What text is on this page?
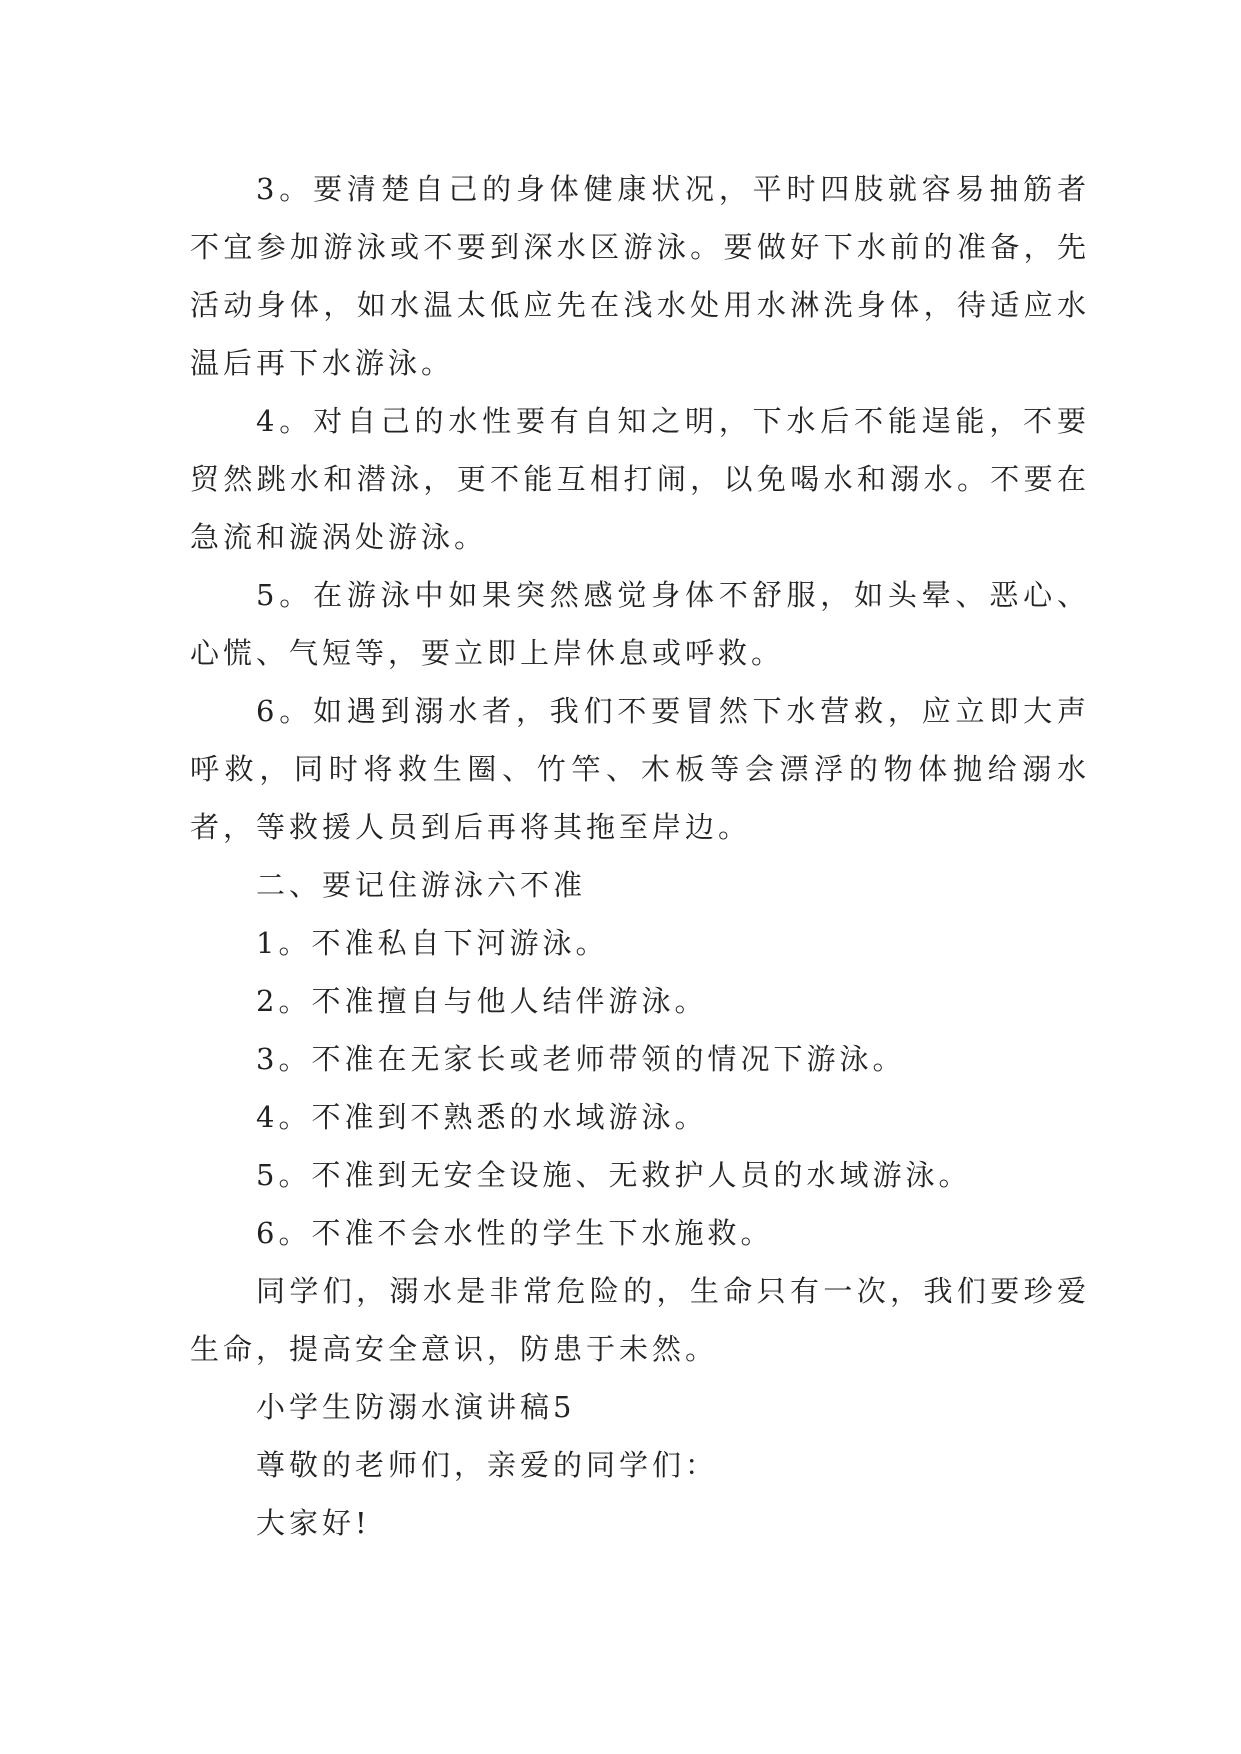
3。要清楚自己的身体健康状况，平时四肢就容易抽筋者不宜参加游泳或不要到深水区游泳。要做好下水前的准备，先活动身体，如水温太低应先在浅水处用水淋洗身体，待适应水温后再下水游泳。

4。对自己的水性要有自知之明，下水后不能逞能，不要贸然跳水和潜泳，更不能互相打闹，以免喝水和溺水。不要在急流和漩涡处游泳。

5。在游泳中如果突然感觉身体不舒服，如头晕、恶心、心慌、气短等，要立即上岸休息或呼救。

6。如遇到溺水者，我们不要冒然下水营救，应立即大声呼救，同时将救生圈、竹竿、木板等会漂浮的物体抛给溺水者，等救援人员到后再将其拖至岸边。

二、要记住游泳六不准

1。不准私自下河游泳。

2。不准擅自与他人结伴游泳。

3。不准在无家长或老师带领的情况下游泳。

4。不准到不熟悉的水域游泳。

5。不准到无安全设施、无救护人员的水域游泳。

6。不准不会水性的学生下水施救。

同学们，溺水是非常危险的，生命只有一次，我们要珍爱生命，提高安全意识，防患于未然。

小学生防溺水演讲稿5

尊敬的老师们，亲爱的同学们：

大家好!
